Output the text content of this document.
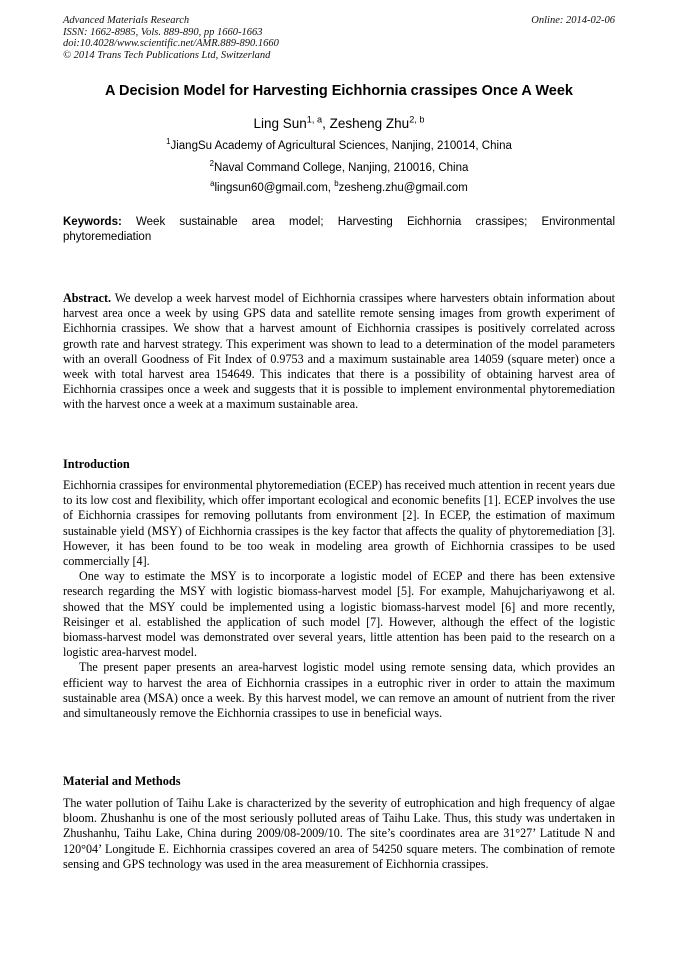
Advanced Materials Research
ISSN: 1662-8985, Vols. 889-890, pp 1660-1663
doi:10.4028/www.scientific.net/AMR.889-890.1660
© 2014 Trans Tech Publications Ltd, Switzerland
Online: 2014-02-06
A Decision Model for Harvesting Eichhornia crassipes Once A Week
Ling Sun$^{1, a}$, Zesheng Zhu$^{2, b}$
$^1$JiangSu Academy of Agricultural Sciences, Nanjing, 210014, China
$^2$Naval Command College, Nanjing, 210016, China
$^a$lingsun60@gmail.com, $^b$zesheng.zhu@gmail.com
Keywords: Week sustainable area model; Harvesting Eichhornia crassipes; Environmental phytoremediation

Abstract. We develop a week harvest model of Eichhornia crassipes where harvesters obtain information about harvest area once a week by using GPS data and satellite remote sensing images from growth experiment of Eichhornia crassipes. We show that a harvest amount of Eichhornia crassipes is positively correlated across growth rate and harvest strategy. This experiment was shown to lead to a determination of the model parameters with an overall Goodness of Fit Index of 0.9753 and a maximum sustainable area 14059 (square meter) once a week with total harvest area 154649. This indicates that there is a possibility of obtaining harvest area of Eichhornia crassipes once a week and suggests that it is possible to implement environmental phytoremediation with the harvest once a week at a maximum sustainable area.

Introduction

Eichhornia crassipes for environmental phytoremediation (ECEP) has received much attention in recent years due to its low cost and flexibility, which offer important ecological and economic benefits [1]. ECEP involves the use of Eichhornia crassipes for removing pollutants from environment [2]. In ECEP, the estimation of maximum sustainable yield (MSY) of Eichhornia crassipes is the key factor that affects the quality of phytoremediation [3]. However, it has been found to be too weak in modeling area growth of Eichhornia crassipes to be used commercially [4].

One way to estimate the MSY is to incorporate a logistic model of ECEP and there has been extensive research regarding the MSY with logistic biomass-harvest model [5]. For example, Mahujchariyawong et al. showed that the MSY could be implemented using a logistic biomass-harvest model [6] and more recently, Reisinger et al. established the application of such model [7]. However, although the effect of the logistic biomass-harvest model was demonstrated over several years, little attention has been paid to the research on a logistic area-harvest model.

The present paper presents an area-harvest logistic model using remote sensing data, which provides an efficient way to harvest the area of Eichhornia crassipes in a eutrophic river in order to attain the maximum sustainable area (MSA) once a week. By this harvest model, we can remove an amount of nutrient from the river and simultaneously remove the Eichhornia crassipes to use in beneficial ways.

Material and Methods

The water pollution of Taihu Lake is characterized by the severity of eutrophication and high frequency of algae bloom. Zhushanhu is one of the most seriously polluted areas of Taihu Lake. Thus, this study was undertaken in Zhushanhu, Taihu Lake, China during 2009/08-2009/10. The site’s coordinates area are 31°27’ Latitude N and 120°04’ Longitude E. Eichhornia crassipes covered an area of 54250 square meters. The combination of remote sensing and GPS technology was used in the area measurement of Eichhornia crassipes.
